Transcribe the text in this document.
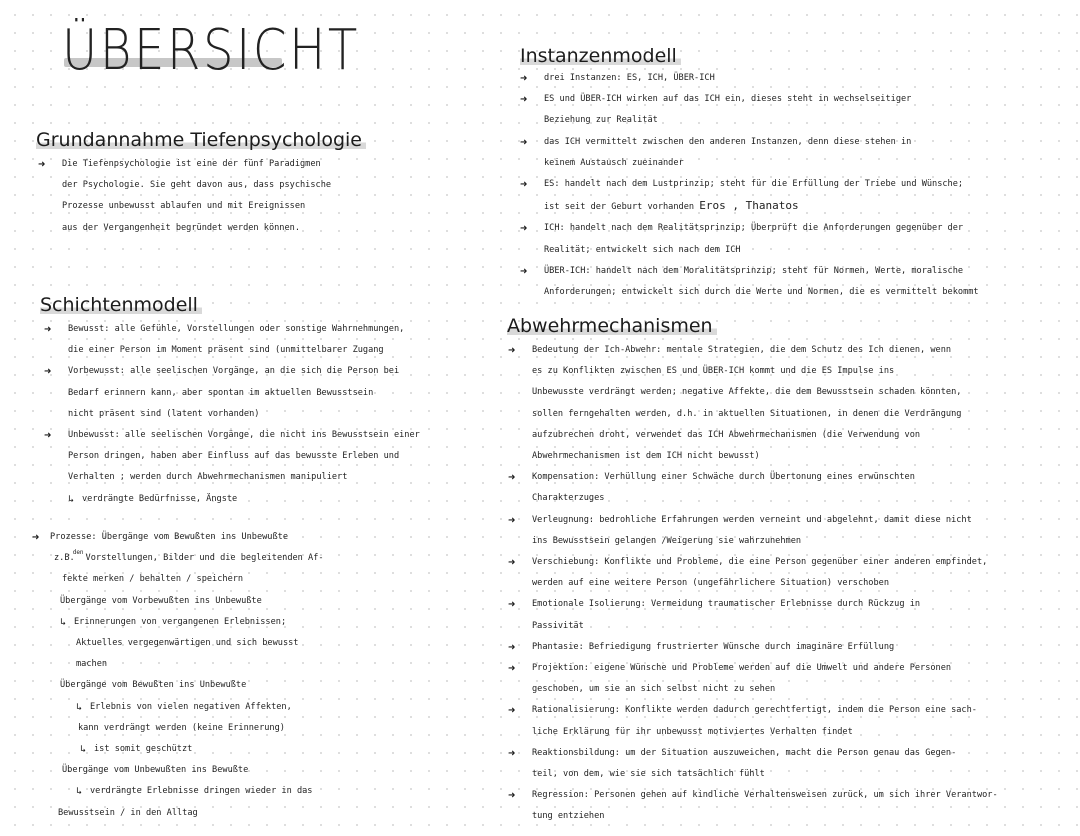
ÜBERSICHT
Grundannahme Tiefenpsychologie
➜ Die Tiefenpsychologie ist eine der fünf Paradigmen

der Psychologie. Sie geht davon aus, dass psychische

Prozesse unbewusst ablaufen und mit Ereignissen

aus der Vergangenheit begründet werden können.

Schichtenmodell
➜ Bewusst: alle Gefühle, Vorstellungen oder sonstige Wahrnehmungen,

die einer Person im Moment präsent sind (unmittelbarer Zugang

➜ Vorbewusst: alle seelischen Vorgänge, an die sich die Person bei

Bedarf erinnern kann, aber spontan im aktuellen Bewusstsein

nicht präsent sind (latent vorhanden)

➜ Unbewusst: alle seelischen Vorgänge, die nicht ins Bewusstsein einer

Person dringen, haben aber Einfluss auf das bewusste Erleben und

Verhalten ; werden durch Abwehrmechanismen manipuliert

↳ verdrängte Bedürfnisse, Ängste

➜ Prozesse: Übergänge vom Bewußten ins Unbewußte

z.B.$^{den}$Vorstellungen, Bilder und die begleitenden Af-

fekte merken / behalten / speichern

Übergänge vom Vorbewußten ins Unbewußte

↳ Erinnerungen von vergangenen Erlebnissen;

Aktuelles vergegenwärtigen und sich bewusst

machen

Übergänge vom Bewußten ins Unbewußte

↳ Erlebnis von vielen negativen Affekten,

kann verdrängt werden (keine Erinnerung)

↳ ist somit geschützt

Übergänge vom Unbewußten ins Bewußte

↳ verdrängte Erlebnisse dringen wieder in das

Bewusstsein / in den Alltag

Instanzenmodell
➜ drei Instanzen: ES, ICH, ÜBER-ICH

➜ ES und ÜBER-ICH wirken auf das ICH ein, dieses steht in wechselseitiger

Beziehung zur Realität

➜ das ICH vermittelt zwischen den anderen Instanzen, denn diese stehen in

keinem Austausch zueinander

➜ ES: handelt nach dem Lustprinzip; steht für die Erfüllung der Triebe und Wünsche;

ist seit der Geburt vorhanden Eros , Thanatos

➜ ICH: handelt nach dem Realitätsprinzip; Überprüft die Anforderungen gegenüber der

Realität; entwickelt sich nach dem ICH

➜ ÜBER-ICH: handelt nach dem Moralitätsprinzip; steht für Normen, Werte, moralische

Anforderungen; entwickelt sich durch die Werte und Normen, die es vermittelt bekommt

Abwehrmechanismen
➜ Bedeutung der Ich-Abwehr: mentale Strategien, die dem Schutz des Ich dienen, wenn

es zu Konflikten zwischen ES und ÜBER-ICH kommt und die ES Impulse ins

Unbewusste verdrängt werden; negative Affekte, die dem Bewusstsein schaden könnten,

sollen ferngehalten werden, d.h. in aktuellen Situationen, in denen die Verdrängung

aufzubrechen droht, verwendet das ICH Abwehrmechanismen (die Verwendung von

Abwehrmechanismen ist dem ICH nicht bewusst)

➜ Kompensation: Verhüllung einer Schwäche durch Übertonung eines erwünschten

Charakterzuges

➜ Verleugnung: bedrohliche Erfahrungen werden verneint und abgelehnt, damit diese nicht

ins Bewusstsein gelangen /Weigerung sie wahrzunehmen

➜ Verschiebung: Konflikte und Probleme, die eine Person gegenüber einer anderen empfindet,

werden auf eine weitere Person (ungefährlichere Situation) verschoben

➜ Emotionale Isolierung: Vermeidung traumatischer Erlebnisse durch Rückzug in

Passivität

➜ Phantasie: Befriedigung frustrierter Wünsche durch imaginäre Erfüllung

➜ Projektion: eigene Wünsche und Probleme werden auf die Umwelt und andere Personen

geschoben, um sie an sich selbst nicht zu sehen

➜ Rationalisierung: Konflikte werden dadurch gerechtfertigt, indem die Person eine sach-

liche Erklärung für ihr unbewusst motiviertes Verhalten findet

➜ Reaktionsbildung: um der Situation auszuweichen, macht die Person genau das Gegen-

teil, von dem, wie sie sich tatsächlich fühlt

➜ Regression: Personen gehen auf kindliche Verhaltensweisen zurück, um sich ihrer Verantwor-

tung entziehen
